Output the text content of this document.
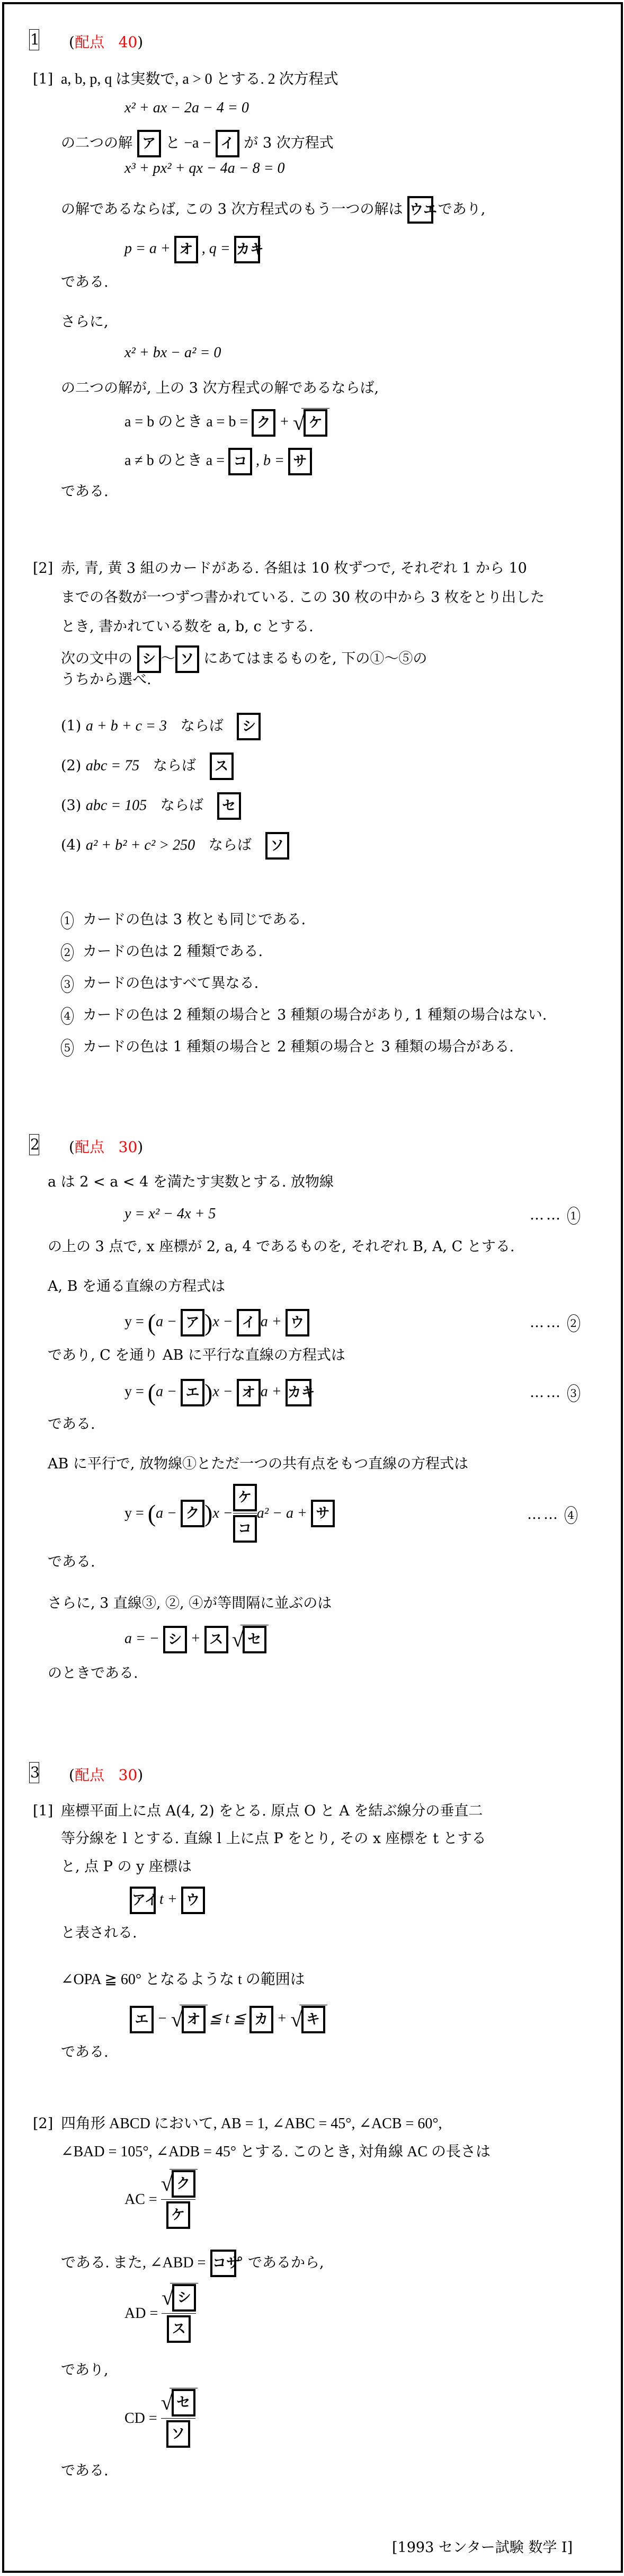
1 (配点 40)
[1] a, b, p, q は実数で, a > 0 とする. 2 次方程式
x² + ax − 2a − 4 = 0
の二つの解 ア と −a − イ が 3 次方程式
x³ + px² + qx − 4a − 8 = 0
の解であるならば, この 3 次方程式のもう一つの解は ウエ であり,
p = a + オ , q = カキ
である.
さらに,
x² + bx − a² = 0
の二つの解が, 上の 3 次方程式の解であるならば,
a = b のとき a = b = ク + √ ケ
a ≠ b のとき a = コ , b = サ
である.
[2] 赤, 青, 黄 3 組のカードがある. 各組は 10 枚ずつで, それぞれ 1 から 10
までの各数が一つずつ書かれている. この 30 枚の中から 3 枚をとり出した
とき, 書かれている数を a, b, c とする.
次の文中の シ 〜 ソ にあてはまるものを, 下の①〜⑤の
うちから選べ.
(1) a + b + c = 3 ならば シ
(2) abc = 75 ならば ス
(3) abc = 105 ならば セ
(4) a² + b² + c² > 250 ならば ソ
1 カードの色は 3 枚とも同じである.
2 カードの色は 2 種類である.
3 カードの色はすべて異なる.
4 カードの色は 2 種類の場合と 3 種類の場合があり, 1 種類の場合はない.
5 カードの色は 1 種類の場合と 2 種類の場合と 3 種類の場合がある.
2 (配点 30)
a は 2 < a < 4 を満たす実数とする. 放物線
y = x² − 4x + 5	…… 1
の上の 3 点で, x 座標が 2, a, 4 であるものを, それぞれ B, A, C とする.
A, B を通る直線の方程式は
y = (a − ア )x − イ a + ウ	…… 2
であり, C を通り AB に平行な直線の方程式は
y = (a − エ )x − オ a + カキ	…… 3
である.
AB に平行で, 放物線①とただ一つの共有点をもつ直線の方程式は
y =
( a −
ク ) $x - \frac{\text{ケ}}{\text{コ}} a^2 - a$ +
サ	…… 4
である.
さらに, 3 直線③, ②, ④が等間隔に並ぶのは
a = − シ + ス √ セ
のときである.
3 (配点 30)
[1] 座標平面上に点 A(4, 2) をとる. 原点 O と A を結ぶ線分の垂直二
等分線を l とする. 直線 l 上に点 P をとり, その x 座標を t とする
と, 点 P の y 座標は
アイ t + ウ
と表される.
∠OPA ≧ 60° となるような t の範囲は
エ − √ オ ≦ t ≦ カ + √ キ
である.
[2] 四角形 ABCD において, AB = 1, ∠ABC = 45°, ∠ACB = 60°,
∠BAD = 105°, ∠ADB = 45° とする. このとき, 対角線 AC の長さは
AC =
√ $\frac{\text{ク}}{\text{ケ}}$
である. また, ∠ABD = コサ° であるから,
AD =
√ $\frac{\text{シ}}{\text{ス}}$
であり,
CD =
√ $\frac{\text{セ}}{\text{ソ}}$
である.
[1993 センター試験 数学 I]
